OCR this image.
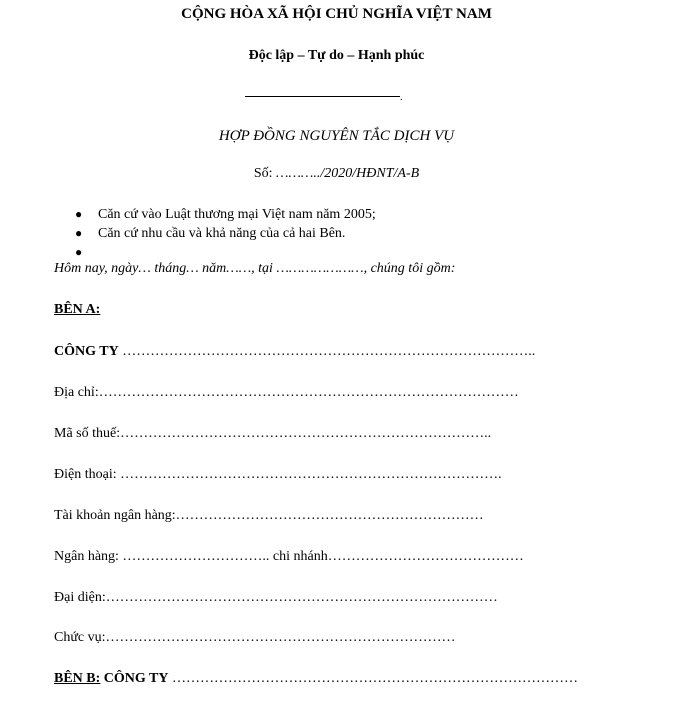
CỘNG HÒA XÃ HỘI CHỦ NGHĨA VIỆT NAM
Độc lập – Tự do – Hạnh phúc
.
HỢP ĐỒNG NGUYÊN TẮC DỊCH VỤ
Số: ………../2020/HĐNT/A-B
● Căn cứ vào Luật thương mại Việt nam năm 2005;
● Căn cứ nhu cầu và khả năng của cả hai Bên.
●
Hôm nay, ngày… tháng… năm……, tại …………………, chúng tôi gồm:
BÊN A:
CÔNG TY ……………………………………………………………………………..
Địa chỉ:………………………………………………………………………………
Mã số thuế:……………………………………………………………………..
Điện thoại: ……………………………………………………………………….
Tài khoản ngân hàng:…………………………………………………………
Ngân hàng: ………………………….. chi nhánh……………………………………
Đại diện:…………………………………………………………………………
Chức vụ:…………………………………………………………………
BÊN B: CÔNG TY ……………………………………………………………………………
